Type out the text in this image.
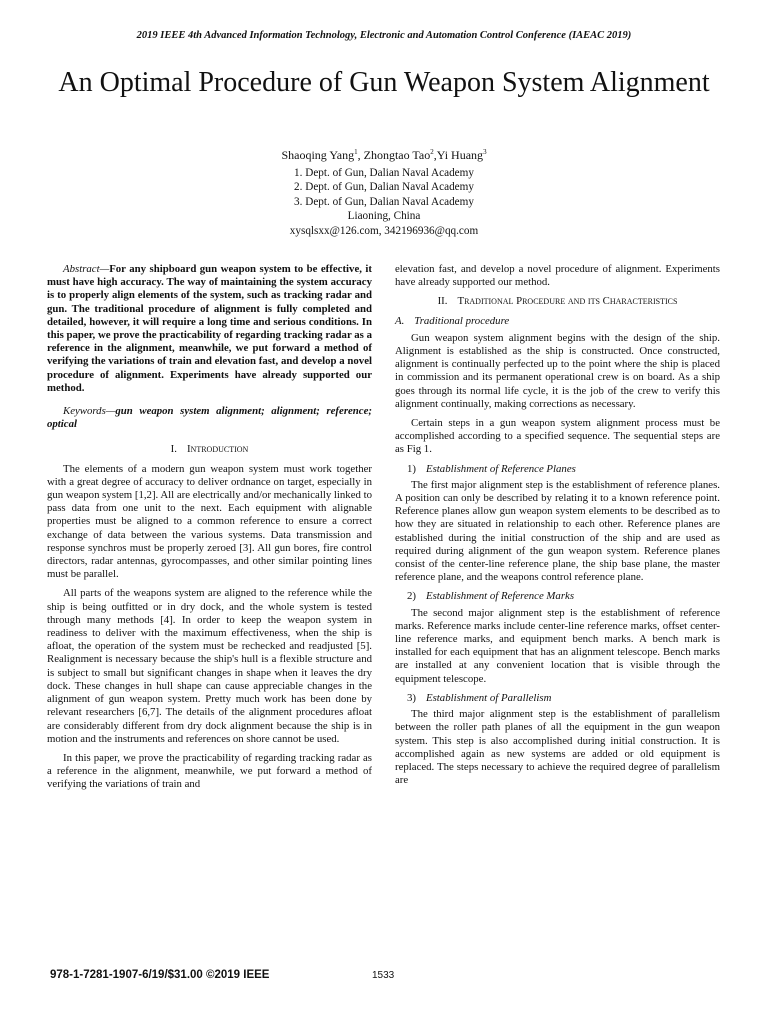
2019 IEEE 4th Advanced Information Technology, Electronic and Automation Control Conference (IAEAC 2019)
An Optimal Procedure of Gun Weapon System Alignment
Shaoqing Yang$^1$, Zhongtao Tao$^2$,Yi Huang$^3$
1. Dept. of Gun, Dalian Naval Academy
2. Dept. of Gun, Dalian Naval Academy
3. Dept. of Gun, Dalian Naval Academy
Liaoning, China
xysqlsxx@126.com, 342196936@qq.com

Abstract—For any shipboard gun weapon system to be effective, it must have high accuracy. The way of maintaining the system accuracy is to properly align elements of the system, such as tracking radar and gun. The traditional procedure of alignment is fully completed and detailed, however, it will require a long time and serious conditions. In this paper, we prove the practicability of regarding tracking radar as a reference in the alignment, meanwhile, we put forward a method of verifying the variations of train and elevation fast, and develop a novel procedure of alignment. Experiments have already supported our method.

Keywords—gun weapon system alignment; alignment; reference; optical

I. Introduction

The elements of a modern gun weapon system must work together with a great degree of accuracy to deliver ordnance on target, especially in gun weapon system [1,2]. All are electrically and/or mechanically linked to pass data from one unit to the next. Each equipment with alignable properties must be aligned to a common reference to ensure a correct exchange of data between the various systems. Data transmission and response synchros must be properly zeroed [3]. All gun bores, fire control directors, radar antennas, gyrocompasses, and other similar pointing lines must be parallel.

All parts of the weapons system are aligned to the reference while the ship is being outfitted or in dry dock, and the whole system is tested through many methods [4]. In order to keep the weapon system in readiness to deliver with the maximum effectiveness, when the ship is afloat, the operation of the system must be rechecked and readjusted [5]. Realignment is necessary because the ship's hull is a flexible structure and is subject to small but significant changes in shape when it leaves the dry dock. These changes in hull shape can cause appreciable changes in the alignment of gun weapon system. Pretty much work has been done by relevant researchers [6,7]. The details of the alignment procedures afloat are considerably different from dry dock alignment because the ship is in motion and the instruments and references on shore cannot be used.

In this paper, we prove the practicability of regarding tracking radar as a reference in the alignment, meanwhile, we put forward a method of verifying the variations of train and

elevation fast, and develop a novel procedure of alignment. Experiments have already supported our method.

II. Traditional Procedure and its Characteristics
A. Traditional procedure

Gun weapon system alignment begins with the design of the ship. Alignment is established as the ship is constructed. Once constructed, alignment is continually perfected up to the point where the ship is placed in commission and its permanent operational crew is on board. As a ship goes through its normal life cycle, it is the job of the crew to verify this alignment continually, making corrections as necessary.

Certain steps in a gun weapon system alignment process must be accomplished according to a specified sequence. The sequential steps are as Fig 1.

1) Establishment of Reference Planes

The first major alignment step is the establishment of reference planes. A position can only be described by relating it to a known reference point. Reference planes allow gun weapon system elements to be described as to how they are situated in relationship to each other. Reference planes are established during the initial construction of the ship and are used as required during alignment of the gun weapon system. Reference planes consist of the center-line reference plane, the ship base plane, the master reference plane, and the weapons control reference plane.

2) Establishment of Reference Marks

The second major alignment step is the establishment of reference marks. Reference marks include center-line reference marks, offset center-line reference marks, and equipment bench marks. A bench mark is installed for each equipment that has an alignment telescope. Bench marks are installed at any convenient location that is visible through the equipment telescope.

3) Establishment of Parallelism

The third major alignment step is the establishment of parallelism between the roller path planes of all the equipment in the gun weapon system. This step is also accomplished during initial construction. It is accomplished again as new systems are added or old equipment is replaced. The steps necessary to achieve the required degree of parallelism are

978-1-7281-1907-6/19/$31.00 ©2019 IEEE	1533
